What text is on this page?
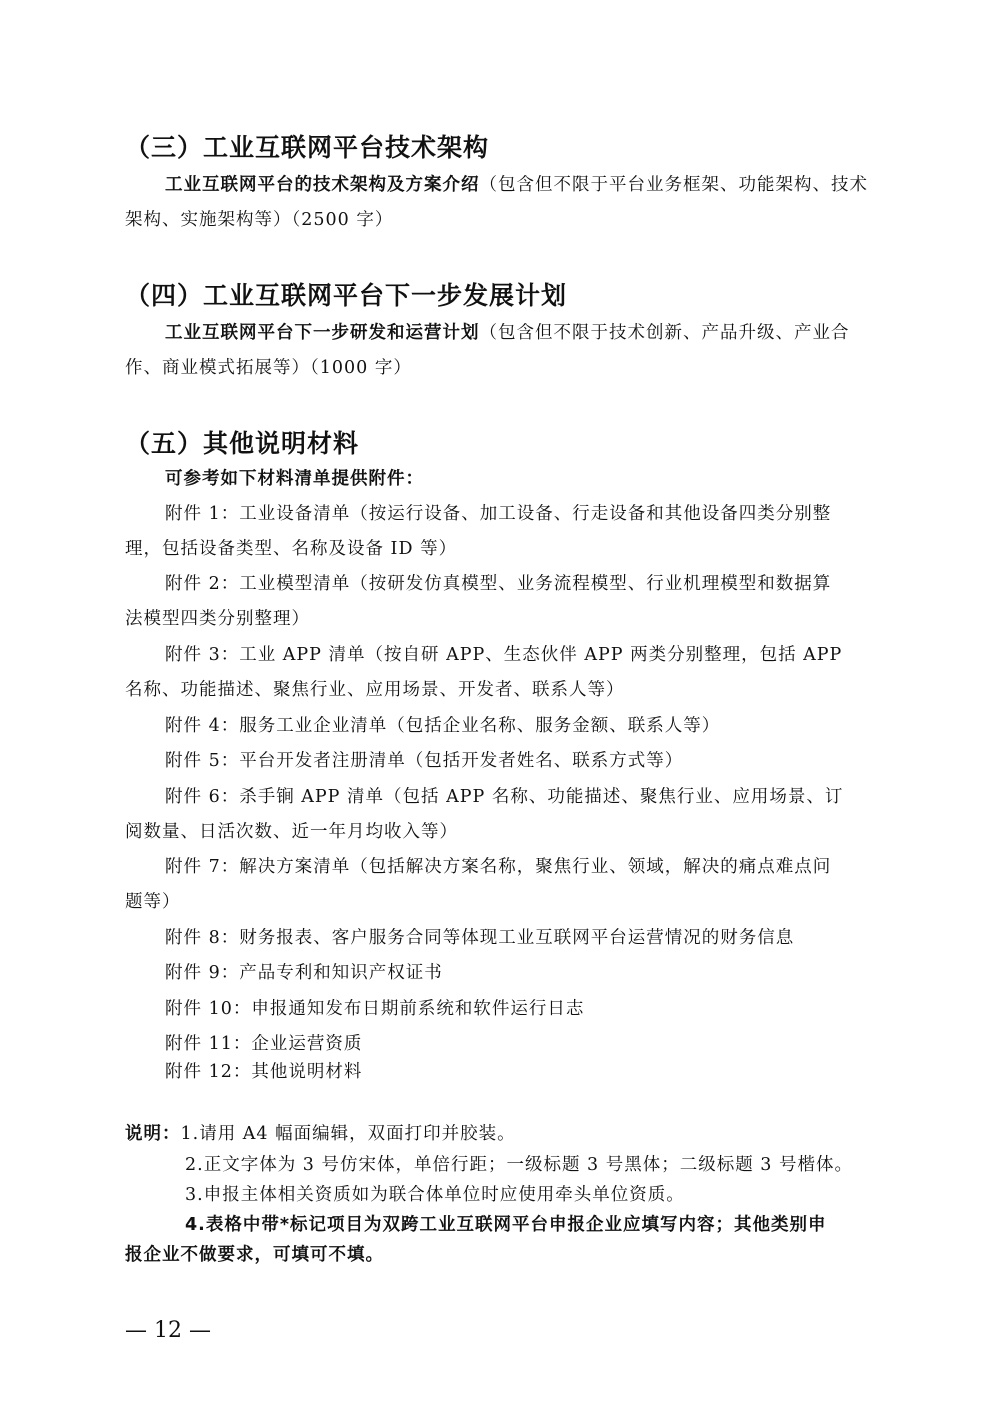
（三）工业互联网平台技术架构
工业互联网平台的技术架构及方案介绍（包含但不限于平台业务框架、功能架构、技术架构、实施架构等）（2500 字）
（四）工业互联网平台下一步发展计划
工业互联网平台下一步研发和运营计划（包含但不限于技术创新、产品升级、产业合作、商业模式拓展等）（1000 字）
（五）其他说明材料
可参考如下材料清单提供附件：
附件 1：工业设备清单（按运行设备、加工设备、行走设备和其他设备四类分别整
理，包括设备类型、名称及设备 ID 等）
附件 2：工业模型清单（按研发仿真模型、业务流程模型、行业机理模型和数据算
法模型四类分别整理）
附件 3：工业 APP 清单（按自研 APP、生态伙伴 APP 两类分别整理，包括 APP
名称、功能描述、聚焦行业、应用场景、开发者、联系人等）
附件 4：服务工业企业清单（包括企业名称、服务金额、联系人等）
附件 5：平台开发者注册清单（包括开发者姓名、联系方式等）
附件 6：杀手锏 APP 清单（包括 APP 名称、功能描述、聚焦行业、应用场景、订
阅数量、日活次数、近一年月均收入等）
附件 7：解决方案清单（包括解决方案名称，聚焦行业、领域，解决的痛点难点问
题等）
附件 8：财务报表、客户服务合同等体现工业互联网平台运营情况的财务信息
附件 9：产品专利和知识产权证书
附件 10：申报通知发布日期前系统和软件运行日志
附件 11：企业运营资质
附件 12：其他说明材料
说明：1.请用 A4 幅面编辑，双面打印并胶装。
2.正文字体为 3 号仿宋体，单倍行距；一级标题 3 号黑体；二级标题 3 号楷体。
3.申报主体相关资质如为联合体单位时应使用牵头单位资质。
4.表格中带*标记项目为双跨工业互联网平台申报企业应填写内容；其他类别申
报企业不做要求，可填可不填。
— 12 —
